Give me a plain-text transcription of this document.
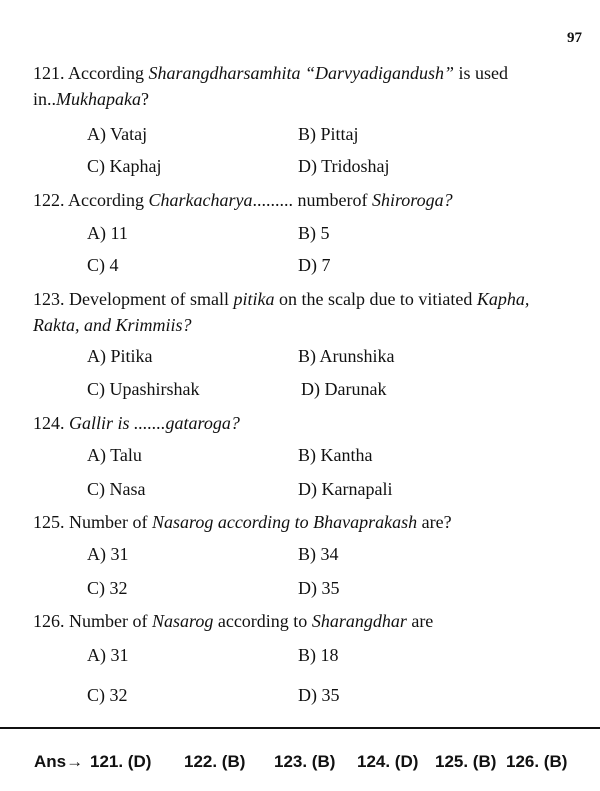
97
121. According Sharangdharsamhita “Darvyadigandush” is used
in..Mukhapaka?
A) Vataj	B) Pittaj
C) Kaphaj	D) Tridoshaj
122. According Charkacharya......... numberof Shiroroga?
A) 11	B) 5
C) 4	D) 7
123. Development of small pitika on the scalp due to vitiated Kapha,
Rakta, and Krimmiis?
A) Pitika	B) Arunshika
C) Upashirshak	D) Darunak
124. Gallir is .......gataroga?
A) Talu	B) Kantha
C) Nasa	D) Karnapali
125. Number of Nasarog according to Bhavaprakash are?
A) 31	B) 34
C) 32	D) 35
126. Number of Nasarog according to Sharangdhar are
A) 31	B) 18
C) 32	D) 35
Ans→ 121. (D) 122. (B) 123. (B) 124. (D) 125. (B) 126. (B)
